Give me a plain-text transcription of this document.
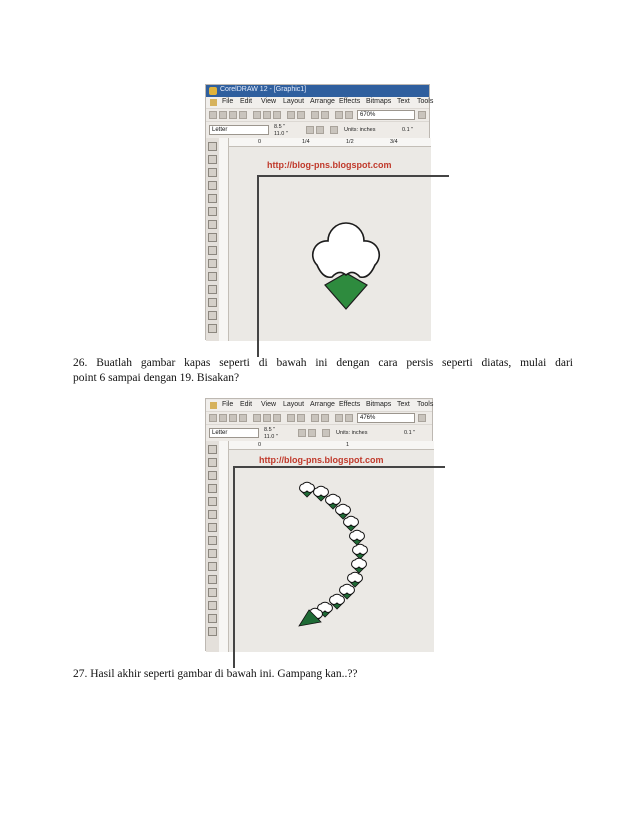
CorelDRAW 12 - [Graphic1]
File Edit View Layout Arrange Effects Bitmaps Text Tools
670%
Letter	8.5 "
11.0 "
Units: inches	0.1 "
0	1/4	1/2	3/4
http://blog-pns.blogspot.com

26. Buatlah gambar kapas seperti di bawah ini dengan cara persis seperti diatas, mulai dari

point 6 sampai dengan 19. Bisakan?

File Edit View Layout Arrange Effects Bitmaps Text Tools
476%
Letter	8.5 "
11.0 "
Units: inches	0.1 "
0	1
http://blog-pns.blogspot.com

27. Hasil akhir seperti gambar di bawah ini. Gampang kan..??
